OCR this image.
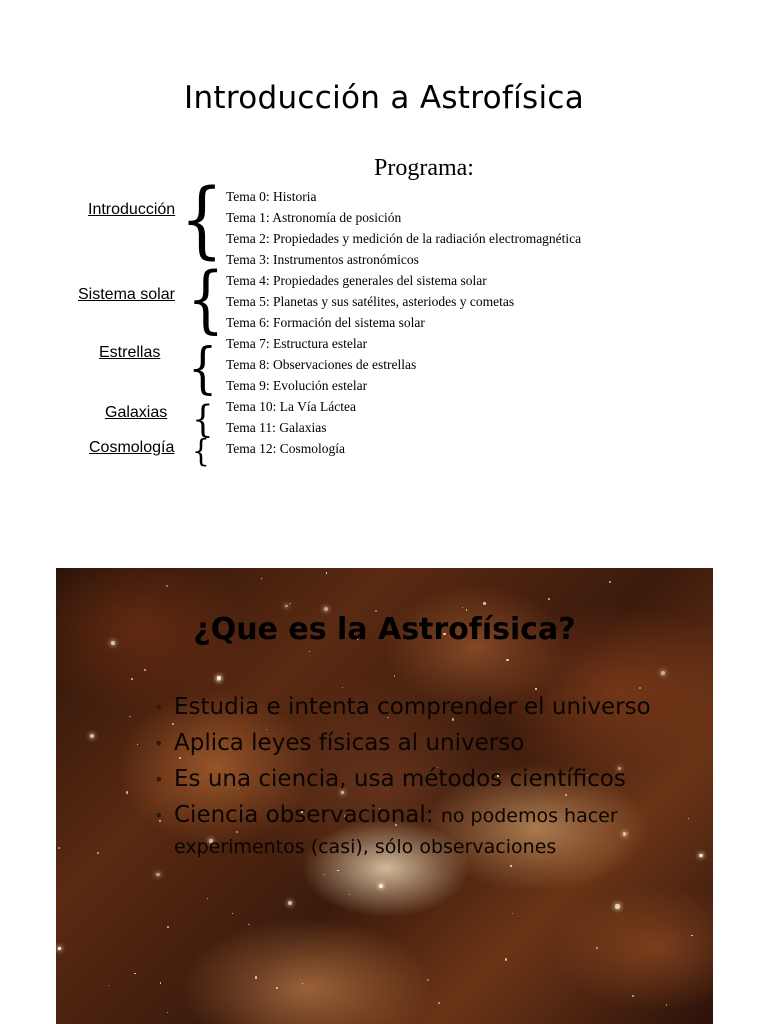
Introducción a Astrofísica
Programa:
Introducción
Sistema solar
Estrellas
Galaxias
Cosmología
{
{
{
{
{
Tema 0: Historia
Tema 1: Astronomía de posición
Tema 2: Propiedades y medición de la radiación electromagnética
Tema 3: Instrumentos astronómicos
Tema 4: Propiedades generales del sistema solar
Tema 5: Planetas y sus satélites, asteriodes y cometas
Tema 6: Formación del sistema solar
Tema 7: Estructura estelar
Tema 8: Observaciones de estrellas
Tema 9: Evolución estelar
Tema 10: La Vía Láctea
Tema 11: Galaxias
Tema 12: Cosmología
¿Que es la Astrofísica?
• Estudia e intenta comprender el universo
• Aplica leyes físicas al universo
• Es una ciencia, usa métodos científicos
• Ciencia observacional: no podemos hacer experimentos (casi), sólo observaciones
